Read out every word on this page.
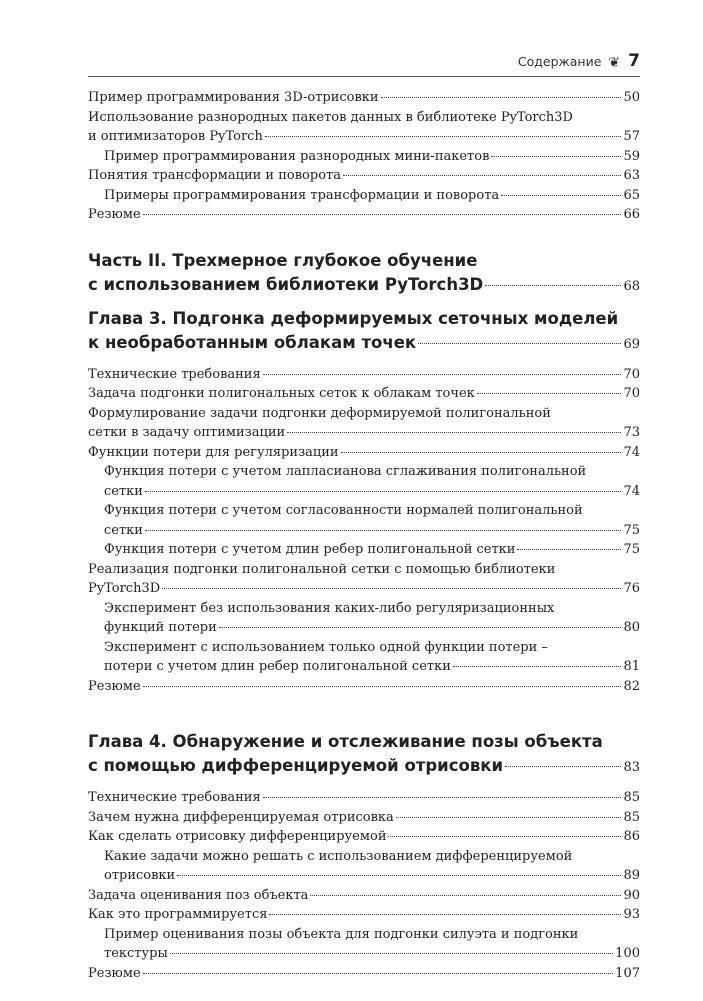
Содержание ❦ 7
Пример программирования 3D-отрисовки	50
Использование разнородных пакетов данных в библиотеке PyTorch3D
и оптимизаторов PyTorch	57
Пример программирования разнородных мини-пакетов	59
Понятия трансформации и поворота	63
Примеры программирования трансформации и поворота	65
Резюме	66
Часть II. Трехмерное глубокое обучение
с использованием библиотеки PyTorch3D	68
Глава 3. Подгонка деформируемых сеточных моделей
к необработанным облакам точек	69
Технические требования	70
Задача подгонки полигональных сеток к облакам точек	70
Формулирование задачи подгонки деформируемой полигональной
сетки в задачу оптимизации	73
Функции потери для регуляризации	74
Функция потери с учетом лапласианова сглаживания полигональной
сетки	74
Функция потери с учетом согласованности нормалей полигональной
сетки	75
Функция потери с учетом длин ребер полигональной сетки	75
Реализация подгонки полигональной сетки с помощью библиотеки
PyTorch3D	76
Эксперимент без использования каких-либо регуляризационных
функций потери	80
Эксперимент с использованием только одной функции потери –
потери с учетом длин ребер полигональной сетки	81
Резюме	82
Глава 4. Обнаружение и отслеживание позы объекта
с помощью дифференцируемой отрисовки	83
Технические требования	85
Зачем нужна дифференцируемая отрисовка	85
Как сделать отрисовку дифференцируемой	86
Какие задачи можно решать с использованием дифференцируемой
отрисовки	89
Задача оценивания поз объекта	90
Как это программируется	93
Пример оценивания позы объекта для подгонки силуэта и подгонки
текстуры	100
Резюме	107
